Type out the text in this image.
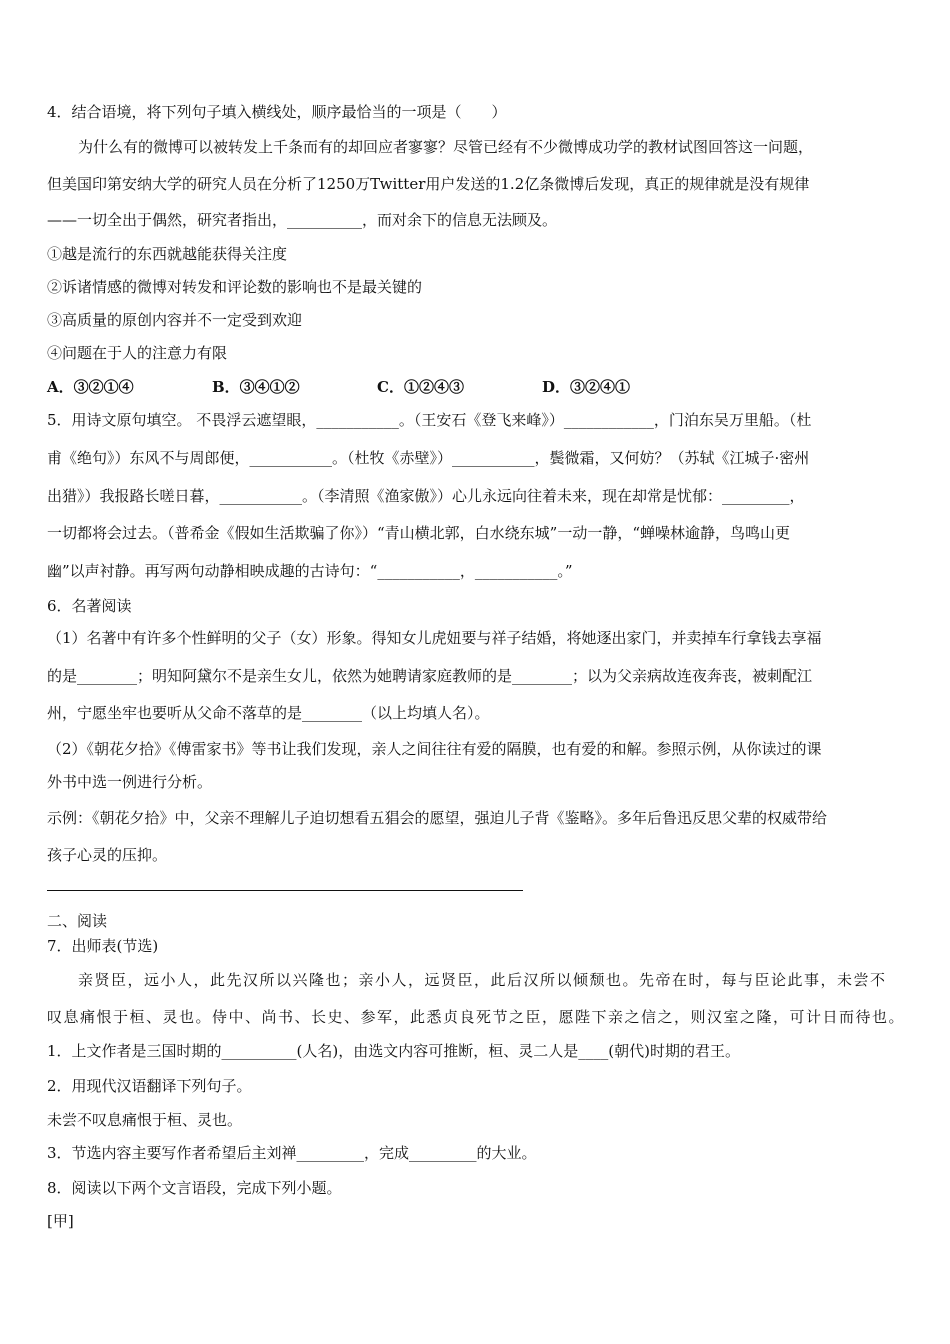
4．结合语境，将下列句子填入横线处，顺序最恰当的一项是（　　）
为什么有的微博可以被转发上千条而有的却回应者寥寥？尽管已经有不少微博成功学的教材试图回答这一问题，
但美国印第安纳大学的研究人员在分析了1250万Twitter用户发送的1.2亿条微博后发现，真正的规律就是没有规律
——一切全出于偶然，研究者指出，__________，而对余下的信息无法顾及。
①越是流行的东西就越能获得关注度
②诉诸情感的微博对转发和评论数的影响也不是最关键的
③高质量的原创内容并不一定受到欢迎
④问题在于人的注意力有限
A．③②①④	B．③④①②	C．①②④③	D．③②④①
5．用诗文原句填空。 不畏浮云遮望眼，___________。（王安石《登飞来峰》）____________，门泊东吴万里船。（杜
甫《绝句》）东风不与周郎便，___________。（杜牧《赤壁》）___________，鬓微霜，又何妨？（苏轼《江城子·密州
出猎》）我报路长嗟日暮，___________。（李清照《渔家傲》）心儿永远向往着未来，现在却常是忧郁：_________，
一切都将会过去。（普希金《假如生活欺骗了你》）“青山横北郭，白水绕东城”一动一静，“蝉噪林逾静，鸟鸣山更
幽”以声衬静。再写两句动静相映成趣的古诗句：“___________，___________。”
6．名著阅读
（1）名著中有许多个性鲜明的父子（女）形象。得知女儿虎妞要与祥子结婚，将她逐出家门，并卖掉车行拿钱去享福
的是________；明知阿黛尔不是亲生女儿，依然为她聘请家庭教师的是________；以为父亲病故连夜奔丧，被刺配江
州，宁愿坐牢也要听从父命不落草的是________（以上均填人名）。
（2）《朝花夕拾》《傅雷家书》等书让我们发现，亲人之间往往有爱的隔膜，也有爱的和解。参照示例，从你读过的课
外书中选一例进行分析。
示例：《朝花夕拾》中，父亲不理解儿子迫切想看五猖会的愿望，强迫儿子背《鉴略》。多年后鲁迅反思父辈的权威带给
孩子心灵的压抑。
二、阅读
7．出师表(节选)
亲贤臣，远小人，此先汉所以兴隆也；亲小人，远贤臣，此后汉所以倾颓也。先帝在时，每与臣论此事，未尝不
叹息痛恨于桓、灵也。侍中、尚书、长史、参军，此悉贞良死节之臣，愿陛下亲之信之，则汉室之隆，可计日而待也。
1．上文作者是三国时期的__________(人名)，由选文内容可推断，桓、灵二人是____(朝代)时期的君王。
2．用现代汉语翻译下列句子。
未尝不叹息痛恨于桓、灵也。
3．节选内容主要写作者希望后主刘禅_________，完成_________的大业。
8．阅读以下两个文言语段，完成下列小题。
[甲]
